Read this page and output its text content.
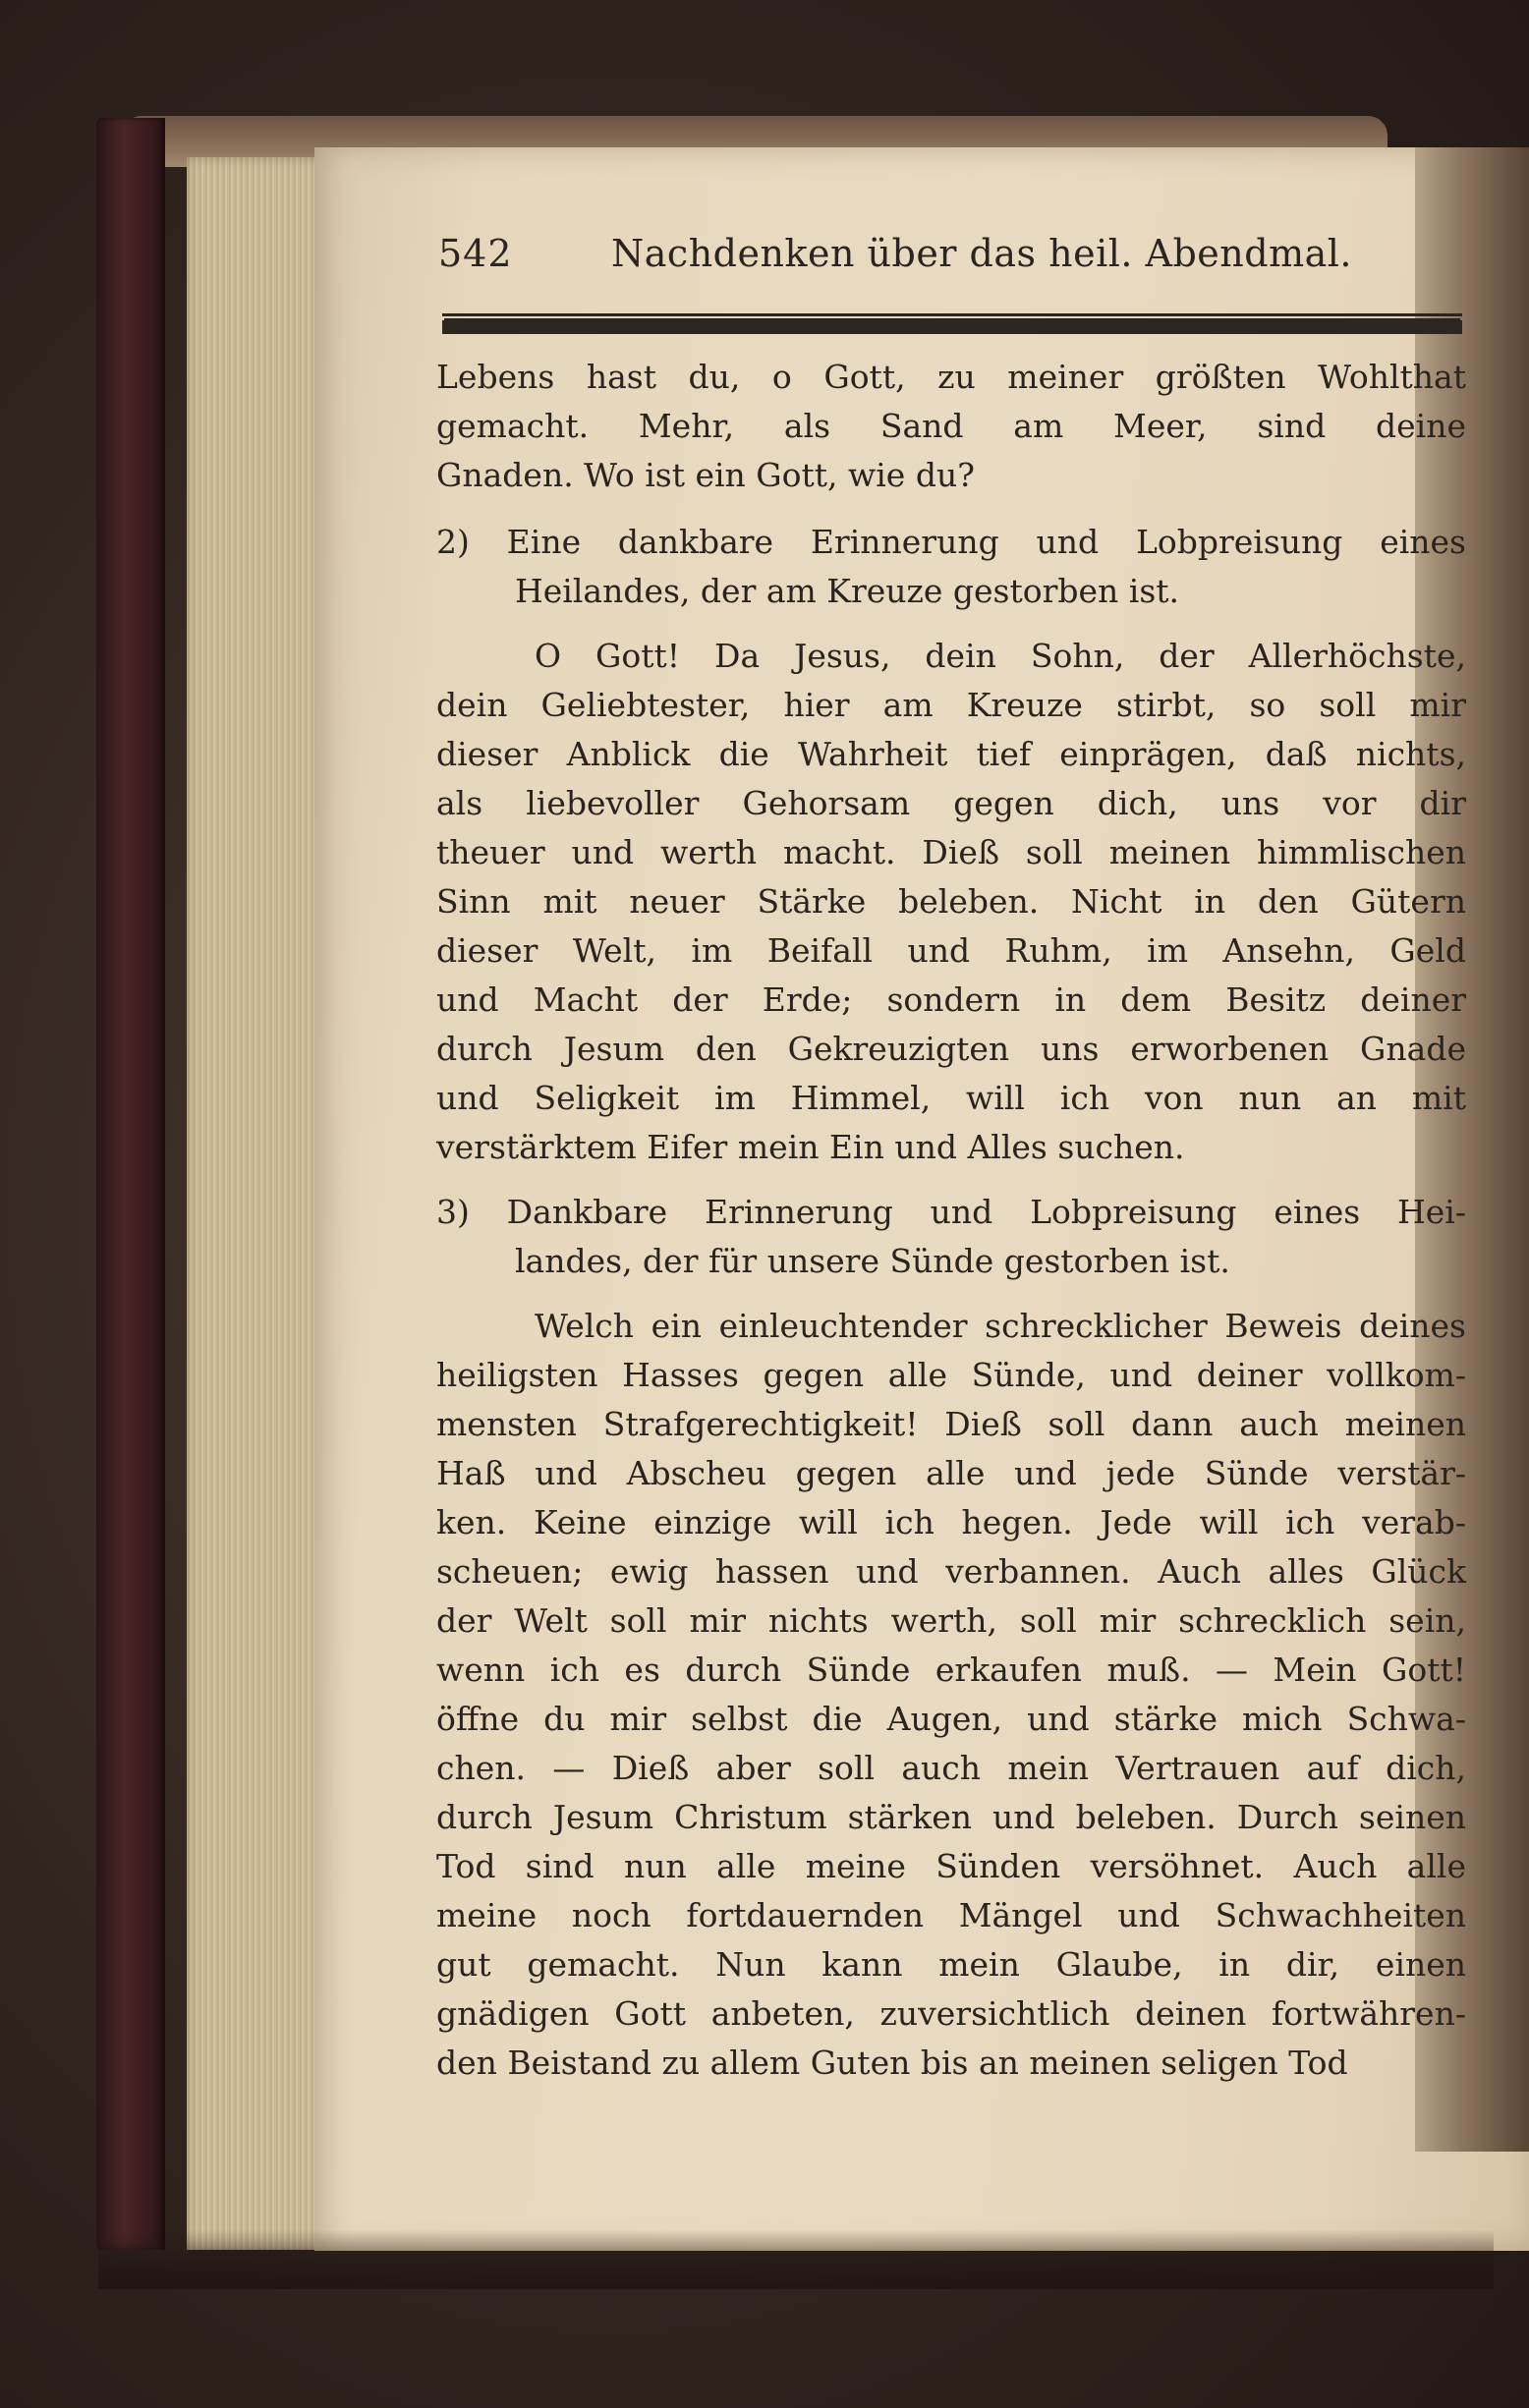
542	Nachdenken über das heil. Abendmal.
Lebens hast du, o Gott, zu meiner größten Wohlthat
gemacht. Mehr, als Sand am Meer, sind deine
Gnaden. Wo ist ein Gott, wie du?
2) Eine dankbare Erinnerung und Lobpreisung eines
Heilandes, der am Kreuze gestorben ist.
O Gott! Da Jesus, dein Sohn, der Allerhöchste,
dein Geliebtester, hier am Kreuze stirbt, so soll mir
dieser Anblick die Wahrheit tief einprägen, daß nichts,
als liebevoller Gehorsam gegen dich, uns vor dir
theuer und werth macht. Dieß soll meinen himmlischen
Sinn mit neuer Stärke beleben. Nicht in den Gütern
dieser Welt, im Beifall und Ruhm, im Ansehn, Geld
und Macht der Erde; sondern in dem Besitz deiner
durch Jesum den Gekreuzigten uns erworbenen Gnade
und Seligkeit im Himmel, will ich von nun an mit
verstärktem Eifer mein Ein und Alles suchen.
3) Dankbare Erinnerung und Lobpreisung eines Hei-
landes, der für unsere Sünde gestorben ist.
Welch ein einleuchtender schrecklicher Beweis deines
heiligsten Hasses gegen alle Sünde, und deiner vollkom-
mensten Strafgerechtigkeit! Dieß soll dann auch meinen
Haß und Abscheu gegen alle und jede Sünde verstär-
ken. Keine einzige will ich hegen. Jede will ich verab-
scheuen; ewig hassen und verbannen. Auch alles Glück
der Welt soll mir nichts werth, soll mir schrecklich sein,
wenn ich es durch Sünde erkaufen muß. — Mein Gott!
öffne du mir selbst die Augen, und stärke mich Schwa-
chen. — Dieß aber soll auch mein Vertrauen auf dich,
durch Jesum Christum stärken und beleben. Durch seinen
Tod sind nun alle meine Sünden versöhnet. Auch alle
meine noch fortdauernden Mängel und Schwachheiten
gut gemacht. Nun kann mein Glaube, in dir, einen
gnädigen Gott anbeten, zuversichtlich deinen fortwähren-
den Beistand zu allem Guten bis an meinen seligen Tod
